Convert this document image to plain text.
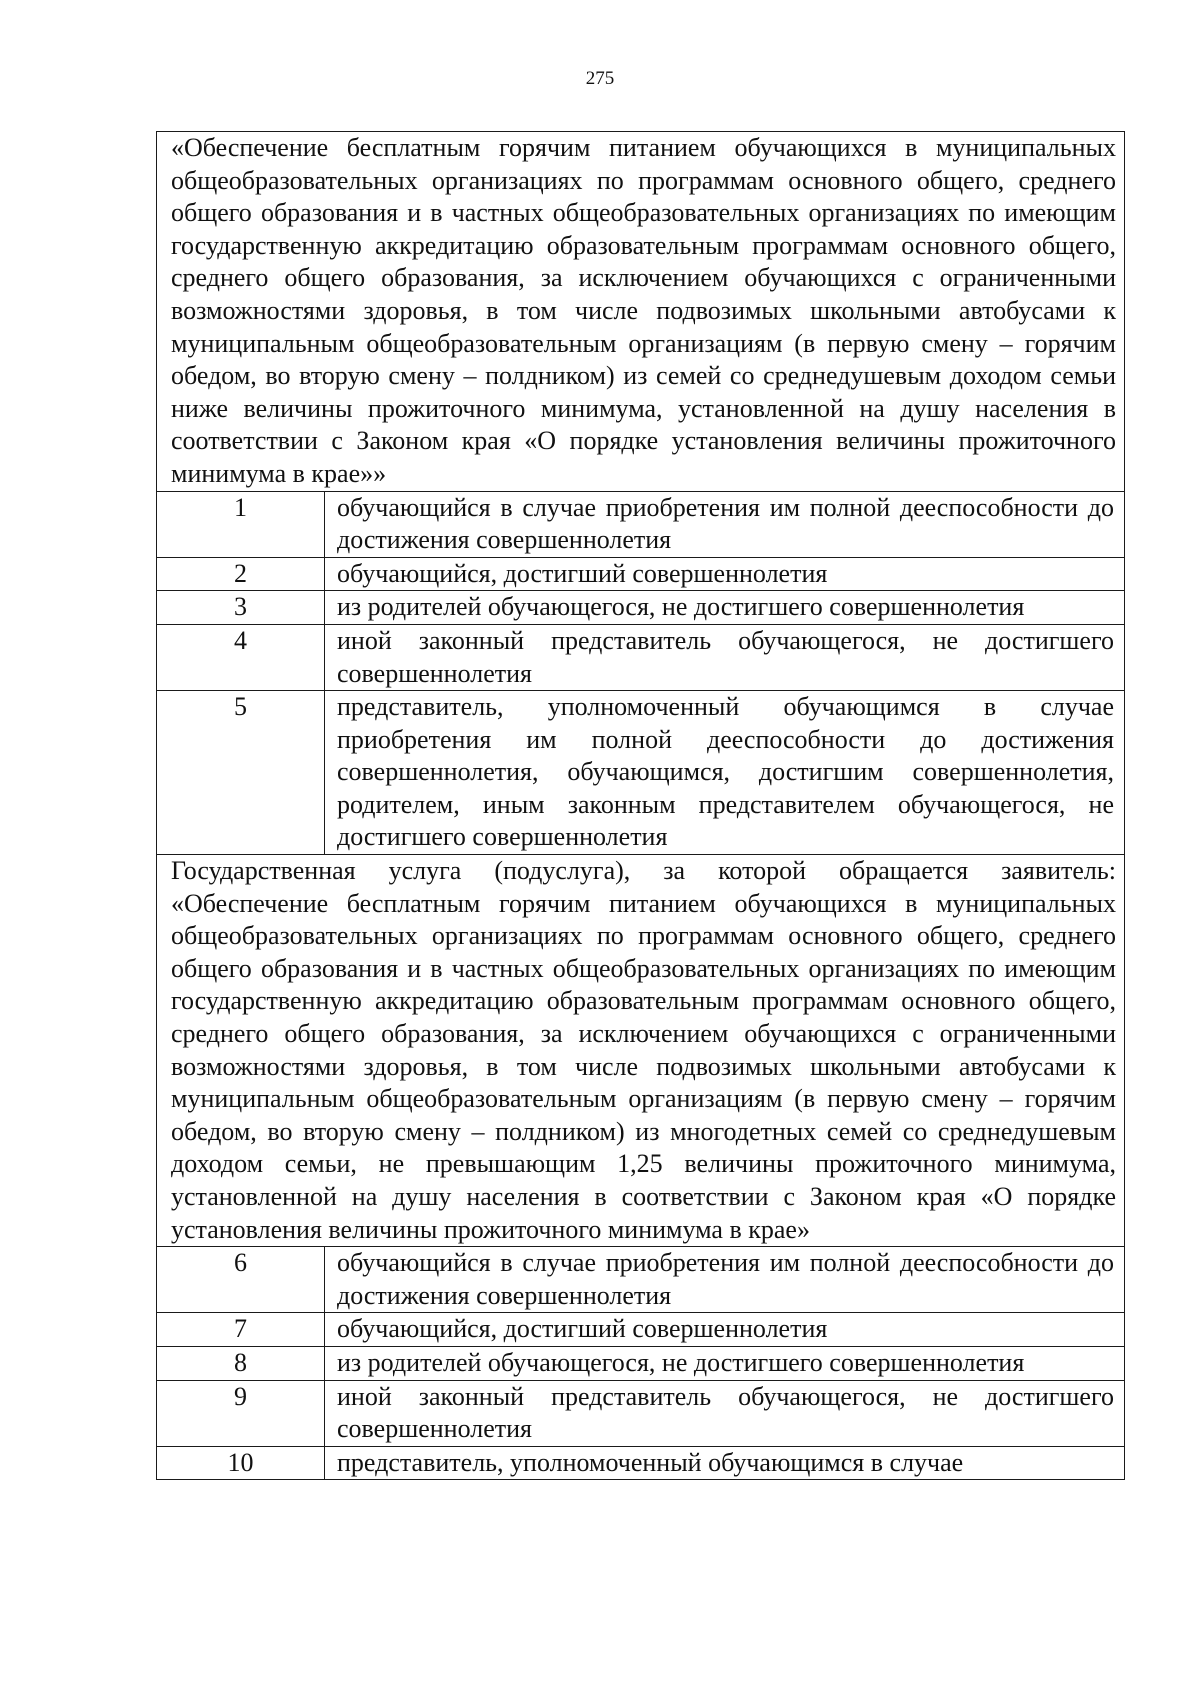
275
«Обеспечение бесплатным горячим питанием обучающихся в муниципальных общеобразовательных организациях по программам основного общего, среднего общего образования и в частных общеобразовательных организациях по имеющим государственную аккредитацию образовательным программам основного общего, среднего общего образования, за исключением обучающихся с ограниченными возможностями здоровья, в том числе подвозимых школьными автобусами к муниципальным общеобразовательным организациям (в первую смену – горячим обедом, во вторую смену – полдником) из семей со среднедушевым доходом семьи ниже величины прожиточного минимума, установленной на душу населения в соответствии с Законом края «О порядке установления величины прожиточного минимума в крае»»	
1	обучающийся в случае приобретения им полной дееспособности до достижения совершеннолетия
2	обучающийся, достигший совершеннолетия
3	из родителей обучающегося, не достигшего совершеннолетия
4	иной законный представитель обучающегося, не достигшего совершеннолетия
5	представитель, уполномоченный обучающимся в случае приобретения им полной дееспособности до достижения совершеннолетия, обучающимся, достигшим совершеннолетия, родителем, иным законным представителем обучающегося, не достигшего совершеннолетия
Государственная услуга (подуслуга), за которой обращается заявитель: «Обеспечение бесплатным горячим питанием обучающихся в муниципальных общеобразовательных организациях по программам основного общего, среднего общего образования и в частных общеобразовательных организациях по имеющим государственную аккредитацию образовательным программам основного общего, среднего общего образования, за исключением обучающихся с ограниченными возможностями здоровья, в том числе подвозимых школьными автобусами к муниципальным общеобразовательным организациям (в первую смену – горячим обедом, во вторую смену – полдником) из многодетных семей со среднедушевым доходом семьи, не превышающим 1,25 величины прожиточного минимума, установленной на душу населения в соответствии с Законом края «О порядке установления величины прожиточного минимума в крае»	
6	обучающийся в случае приобретения им полной дееспособности до достижения совершеннолетия
7	обучающийся, достигший совершеннолетия
8	из родителей обучающегося, не достигшего совершеннолетия
9	иной законный представитель обучающегося, не достигшего совершеннолетия
10	представитель, уполномоченный обучающимся в случае
